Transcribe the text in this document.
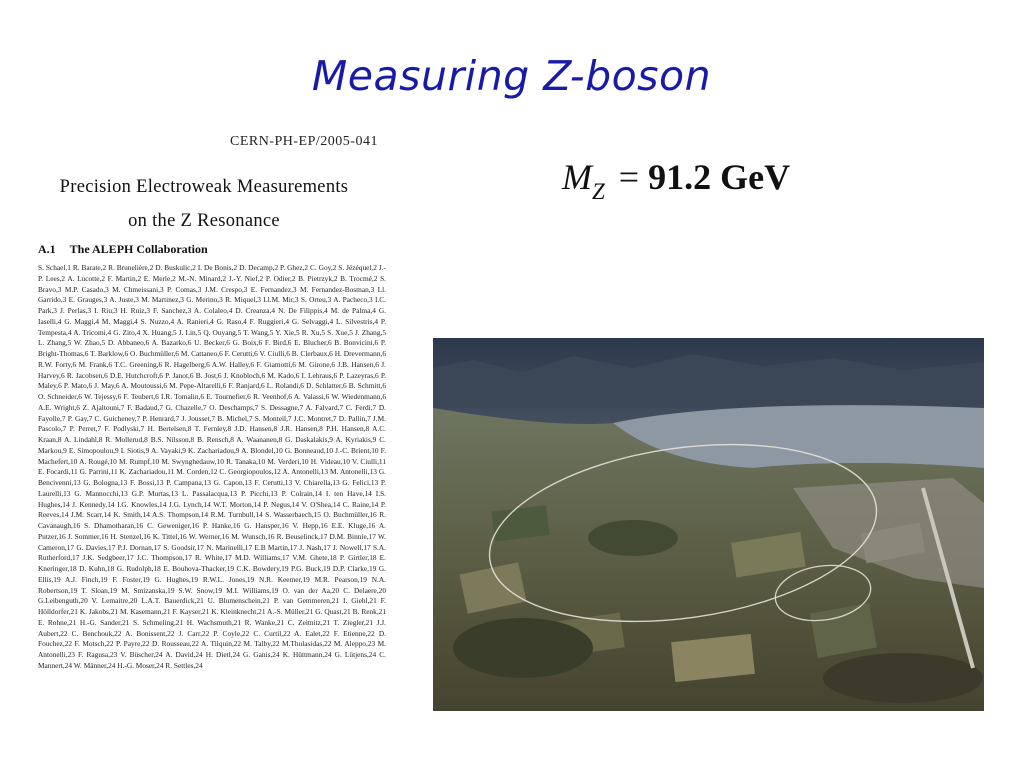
Measuring Z-boson
CERN-PH-EP/2005-041
Precision Electroweak Measurements
on the Z Resonance
A.1 The ALEPH Collaboration
S. Schael,1 R. Barate,2 R. Brunelière,2 D. Buskulic,2 I. De Bonis,2 D. Decamp,2 P. Ghez,2 C. Goy,2 S. Jézéquel,2 J.-P. Lees,2 A. Lucotte,2 F. Martin,2 E. Merle,2 M.-N. Minard,2 J.-Y. Nief,2 P. Odier,2 B. Pietrzyk,2 B. Trocmé,2 S. Bravo,3 M.P. Casado,3 M. Chmeissani,3 P. Comas,3 J.M. Crespo,3 E. Fernandez,3 M. Fernandez-Bosman,3 Ll. Garrido,3 E. Grauges,3 A. Juste,3 M. Martinez,3 G. Merino,3 R. Miquel,3 Ll.M. Mir,3 S. Orteu,3 A. Pacheco,3 I.C. Park,3 J. Perlas,3 I. Riu,3 H. Ruiz,3 F. Sanchez,3 A. Colaleo,4 D. Creanza,4 N. De Filippis,4 M. de Palma,4 G. Iaselli,4 G. Maggi,4 M. Maggi,4 S. Nuzzo,4 A. Ranieri,4 G. Raso,4 F. Ruggieri,4 G. Selvaggi,4 L. Silvestris,4 P. Tempesta,4 A. Tricomi,4 G. Zito,4 X. Huang,5 J. Lin,5 Q. Ouyang,5 T. Wang,5 Y. Xie,5 R. Xu,5 S. Xue,5 J. Zhang,5 L. Zhang,5 W. Zhao,5 D. Abbaneo,6 A. Bazarko,6 U. Becker,6 G. Boix,6 F. Bird,6 E. Blucher,6 B. Bonvicini,6 P. Bright-Thomas,6 T. Barklow,6 O. Buchmüller,6 M. Cattaneo,6 F. Cerutti,6 V. Ciulli,6 B. Clerbaux,6 H. Drevermann,6 R.W. Forty,6 M. Frank,6 T.C. Greening,6 R. Hagelberg,6 A.W. Halley,6 F. Giamotti,6 M. Girone,6 J.B. Hansen,6 J. Harvey,6 R. Jacobsen,6 D.E. Hutchcroft,6 P. Janot,6 B. Jost,6 J. Knobloch,6 M. Kado,6 I. Lehraus,6 P. Lazeyras,6 P. Maley,6 P. Mato,6 J. May,6 A. Moutoussi,6 M. Pepe-Altarelli,6 F. Ranjard,6 L. Rolandi,6 D. Schlatter,6 B. Schmitt,6 O. Schneider,6 W. Tejessy,6 F. Teubert,6 I.R. Tomalin,6 E. Tournefier,6 R. Veenhof,6 A. Valassi,6 W. Wiedenmann,6 A.E. Wright,6 Z. Ajaltouni,7 F. Badaud,7 G. Chazelle,7 O. Deschamps,7 S. Dessagne,7 A. Falvard,7 C. Ferdi,7 D. Fayolle,7 P. Gay,7 C. Guicheney,7 P. Henrard,7 J. Jousset,7 B. Michel,7 S. Monteil,7 J.C. Montret,7 D. Pallin,7 J.M. Pascolo,7 P. Perret,7 F. Podlyski,7 H. Bertelsen,8 T. Fernley,8 J.D. Hansen,8 J.R. Hansen,8 P.H. Hansen,8 A.C. Kraan,8 A. Lindahl,8 R. Mollerud,8 B.S. Nilsson,8 B. Rensch,8 A. Waananen,8 G. Daskalakis,9 A. Kyriakis,9 C. Markou,9 E. Simopoulou,9 I. Siotis,9 A. Vayaki,9 K. Zachariadou,9 A. Blondel,10 G. Bonneaud,10 J.-C. Brient,10 F. Machefert,10 A. Rougé,10 M. Rumpf,10 M. Swynghedauw,10 R. Tanaka,10 M. Verderi,10 H. Videau,10 V. Ciulli,11 E. Focardi,11 G. Parrini,11 K. Zachariadou,11 M. Corden,12 C. Georgiopoulos,12 A. Antonelli,13 M. Antonelli,13 G. Bencivenni,13 G. Bologna,13 F. Bossi,13 P. Campana,13 G. Capon,13 F. Cerutti,13 V. Chiarella,13 G. Felici,13 P. Laurelli,13 G. Mannocchi,13 G.P. Murtas,13 L. Passalacqua,13 P. Picchi,13 P. Colrain,14 I. ten Have,14 I.S. Hughes,14 J. Kennedy,14 I.G. Knowles,14 J.G. Lynch,14 W.T. Morton,14 P. Negus,14 V. O'Shea,14 C. Raine,14 P. Reeves,14 J.M. Scarr,14 K. Smith,14 A.S. Thompson,14 R.M. Turnbull,14 S. Wasserbaech,15 O. Buchmüller,16 R. Cavanaugh,16 S. Dhamotharan,16 C. Geweniger,16 P. Hanke,16 G. Hansper,16 V. Hepp,16 E.E. Kluge,16 A. Putzer,16 J. Sommer,16 H. Stenzel,16 K. Tittel,16 W. Werner,16 M. Wunsch,16 R. Beuselinck,17 D.M. Binnie,17 W. Cameron,17 G. Davies,17 P.J. Dornan,17 S. Goodsir,17 N. Marinelli,17 E.B Martin,17 J. Nash,17 J. Nowell,17 S.A. Rutherford,17 J.K. Sedgbeer,17 J.C. Thompson,17 R. White,17 M.D. Williams,17 V.M. Ghete,18 P. Girtler,18 E. Kneringer,18 D. Kuhn,18 G. Rudolph,18 E. Bouhova-Thacker,19 C.K. Bowdery,19 P.G. Buck,19 D.P. Clarke,19 G. Ellis,19 A.J. Finch,19 F. Foster,19 G. Hughes,19 R.W.L. Jones,19 N.R. Keemer,19 M.R. Pearson,19 N.A. Robertson,19 T. Sloan,19 M. Smizanska,19 S.W. Snow,19 M.I. Williams,19 O. van der Aa,20 C. Delaere,20 G.Leibenguth,20 V. Lemaitre,20 L.A.T. Bauerdick,21 U. Blumenschein,21 P. van Gemmeren,21 I. Giehl,21 F. Hölldorfer,21 K. Jakobs,21 M. Kasemann,21 F. Kayser,21 K. Kleinknecht,21 A.-S. Müller,21 G. Quast,21 B. Renk,21 E. Rohne,21 H.-G. Sander,21 S. Schmeling,21 H. Wachsmuth,21 R. Wanke,21 C. Zeitnitz,21 T. Ziegler,21 J.J. Aubert,22 C. Benchouk,22 A. Bonissent,22 J. Carr,22 P. Coyle,22 C. Curtil,22 A. Ealet,22 F. Etienne,22 D. Fouchez,22 F. Motsch,22 P. Payre,22 D. Rousseau,22 A. Tilquin,22 M. Talby,22 M.Thulasidas,22 M. Aleppo,23 M. Antonelli,23 F. Ragusa,23 V. Büscher,24 A. David,24 H. Dietl,24 G. Ganis,24 K. Hüttmann,24 G. Lütjens,24 C. Mannert,24 W. Männer,24 H.-G. Moser,24 R. Settles,24
$M_Z = 91.2$ GeV
